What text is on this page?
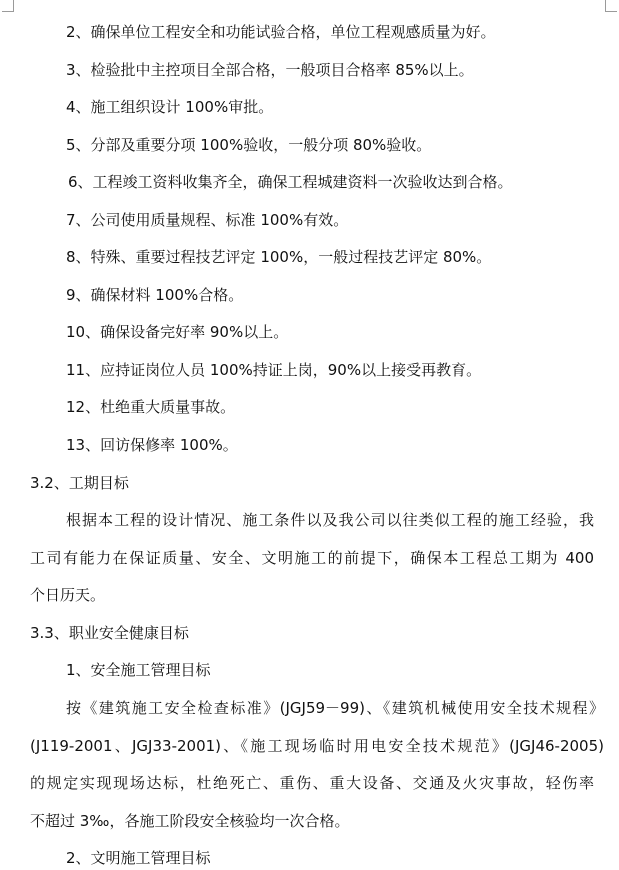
2、确保单位工程安全和功能试验合格，单位工程观感质量为好。
3、检验批中主控项目全部合格，一般项目合格率 85%以上。
4、施工组织设计 100%审批。
5、分部及重要分项 100%验收，一般分项 80%验收。
6、工程竣工资料收集齐全，确保工程城建资料一次验收达到合格。
7、公司使用质量规程、标准 100%有效。
8、特殊、重要过程技艺评定 100%，一般过程技艺评定 80%。
9、确保材料 100%合格。
10、确保设备完好率 90%以上。
11、应持证岗位人员 100%持证上岗，90%以上接受再教育。
12、杜绝重大质量事故。
13、回访保修率 100%。
3.2、工期目标
根据本工程的设计情况、施工条件以及我公司以往类似工程的施工经验，我
工司有能力在保证质量、安全、文明施工的前提下，确保本工程总工期为 400
个日历天。
3.3、职业安全健康目标
1、安全施工管理目标
按《建筑施工安全检查标准》(JGJ59－99)、《建筑机械使用安全技术规程》
(J119-2001、JGJ33-2001)、《施工现场临时用电安全技术规范》(JGJ46-2005)
的规定实现现场达标，杜绝死亡、重伤、重大设备、交通及火灾事故，轻伤率
不超过 3‰，各施工阶段安全核验均一次合格。
2、文明施工管理目标
